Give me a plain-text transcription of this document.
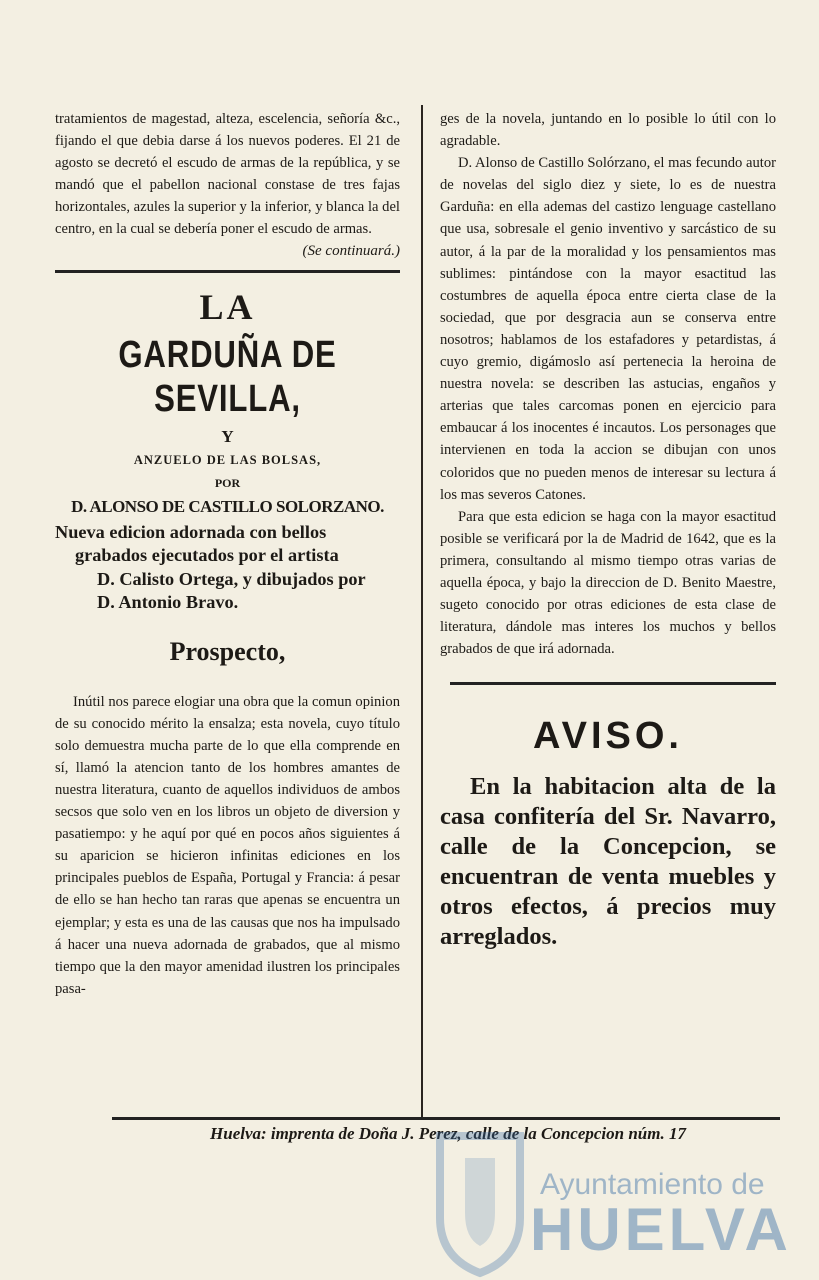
tratamientos de magestad, alteza, escelencia, señoría &c., fijando el que debia darse á los nuevos poderes. El 21 de agosto se decretó el escudo de armas de la república, y se mandó que el pabellon nacional constase de tres fajas horizontales, azules la superior y la inferior, y blanca la del centro, en la cual se debería poner el escudo de armas.

(Se continuará.)

LA

GARDUÑA DE SEVILLA,

Y

ANZUELO DE LAS BOLSAS,

POR

D. ALONSO DE CASTILLO SOLORZANO.

Nueva edicion adornada con bellos
grabados ejecutados por el artista
D. Calisto Ortega, y dibujados por
D. Antonio Bravo.

Prospecto,

Inútil nos parece elogiar una obra que la comun opinion de su conocido mérito la ensalza; esta novela, cuyo título solo demuestra mucha parte de lo que ella comprende en sí, llamó la atencion tanto de los hombres amantes de nuestra literatura, cuanto de aquellos individuos de ambos secsos que solo ven en los libros un objeto de diversion y pasatiempo: y he aquí por qué en pocos años siguientes á su aparicion se hicieron infinitas ediciones en los principales pueblos de España, Portugal y Francia: á pesar de ello se han hecho tan raras que apenas se encuentra un ejemplar; y esta es una de las causas que nos ha impulsado á hacer una nueva adornada de grabados, que al mismo tiempo que la den mayor amenidad ilustren los principales pasa-

ges de la novela, juntando en lo posible lo útil con lo agradable.

D. Alonso de Castillo Solórzano, el mas fecundo autor de novelas del siglo diez y siete, lo es de nuestra Garduña: en ella ademas del castizo lenguage castellano que usa, sobresale el genio inventivo y sarcástico de su autor, á la par de la moralidad y los pensamientos mas sublimes: pintándose con la mayor esactitud las costumbres de aquella época entre cierta clase de la sociedad, que por desgracia aun se conserva entre nosotros; hablamos de los estafadores y petardistas, á cuyo gremio, digámoslo así pertenecia la heroina de nuestra novela: se describen las astucias, engaños y arterias que tales carcomas ponen en ejercicio para embaucar á los inocentes é incautos. Los personages que intervienen en toda la accion se dibujan con unos coloridos que no pueden menos de interesar su lectura á los mas severos Catones.

Para que esta edicion se haga con la mayor esactitud posible se verificará por la de Madrid de 1642, que es la primera, consultando al mismo tiempo otras varias de aquella época, y bajo la direccion de D. Benito Maestre, sugeto conocido por otras ediciones de esta clase de literatura, dándole mas interes los muchos y bellos grabados de que irá adornada.

AVISO.

En la habitacion alta de la casa confitería del Sr. Navarro, calle de la Concepcion, se encuentran de venta muebles y otros efectos, á precios muy arreglados.

Huelva: imprenta de Doña J. Perez, calle de la Concepcion núm. 17
Ayuntamiento de
HUELVA
